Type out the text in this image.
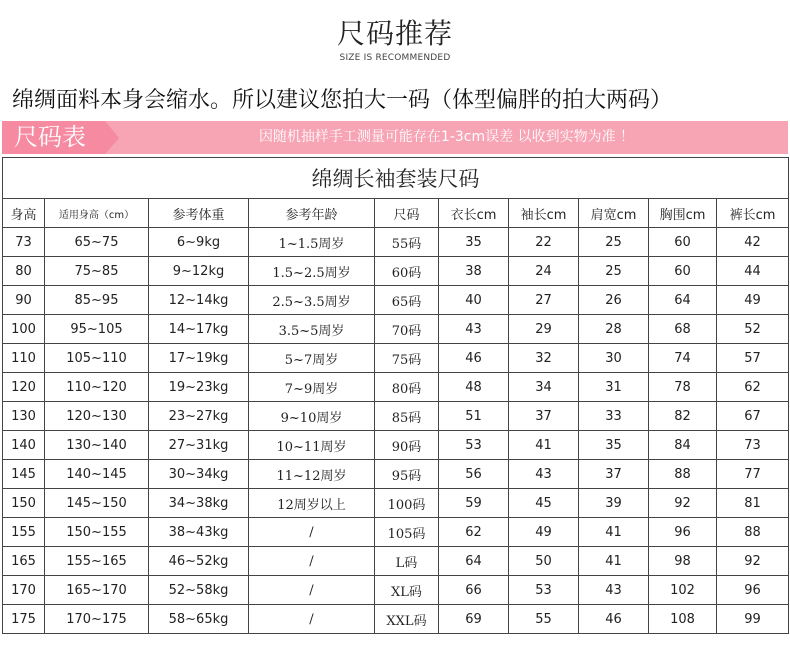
尺码推荐
SIZE IS RECOMMENDED
绵绸面料本身会缩水。所以建议您拍大一码（体型偏胖的拍大两码）
尺码表	因随机抽样手工测量可能存在1-3cm误差 以收到实物为准 ！
绵绸长袖套装尺码									
身高	适用身高（cm）	参考体重	参考年龄	尺码	衣长cm	袖长cm	肩宽cm	胸围cm	裤长cm
73	65~75	6~9kg	1~1.5周岁	55码	35	22	25	60	42
80	75~85	9~12kg	1.5~2.5周岁	60码	38	24	25	60	44
90	85~95	12~14kg	2.5~3.5周岁	65码	40	27	26	64	49
100	95~105	14~17kg	3.5~5周岁	70码	43	29	28	68	52
110	105~110	17~19kg	5~7周岁	75码	46	32	30	74	57
120	110~120	19~23kg	7~9周岁	80码	48	34	31	78	62
130	120~130	23~27kg	9~10周岁	85码	51	37	33	82	67
140	130~140	27~31kg	10~11周岁	90码	53	41	35	84	73
145	140~145	30~34kg	11~12周岁	95码	56	43	37	88	77
150	145~150	34~38kg	12周岁以上	100码	59	45	39	92	81
155	150~155	38~43kg	/	105码	62	49	41	96	88
165	155~165	46~52kg	/	L码	64	50	41	98	92
170	165~170	52~58kg	/	XL码	66	53	43	102	96
175	170~175	58~65kg	/	XXL码	69	55	46	108	99
